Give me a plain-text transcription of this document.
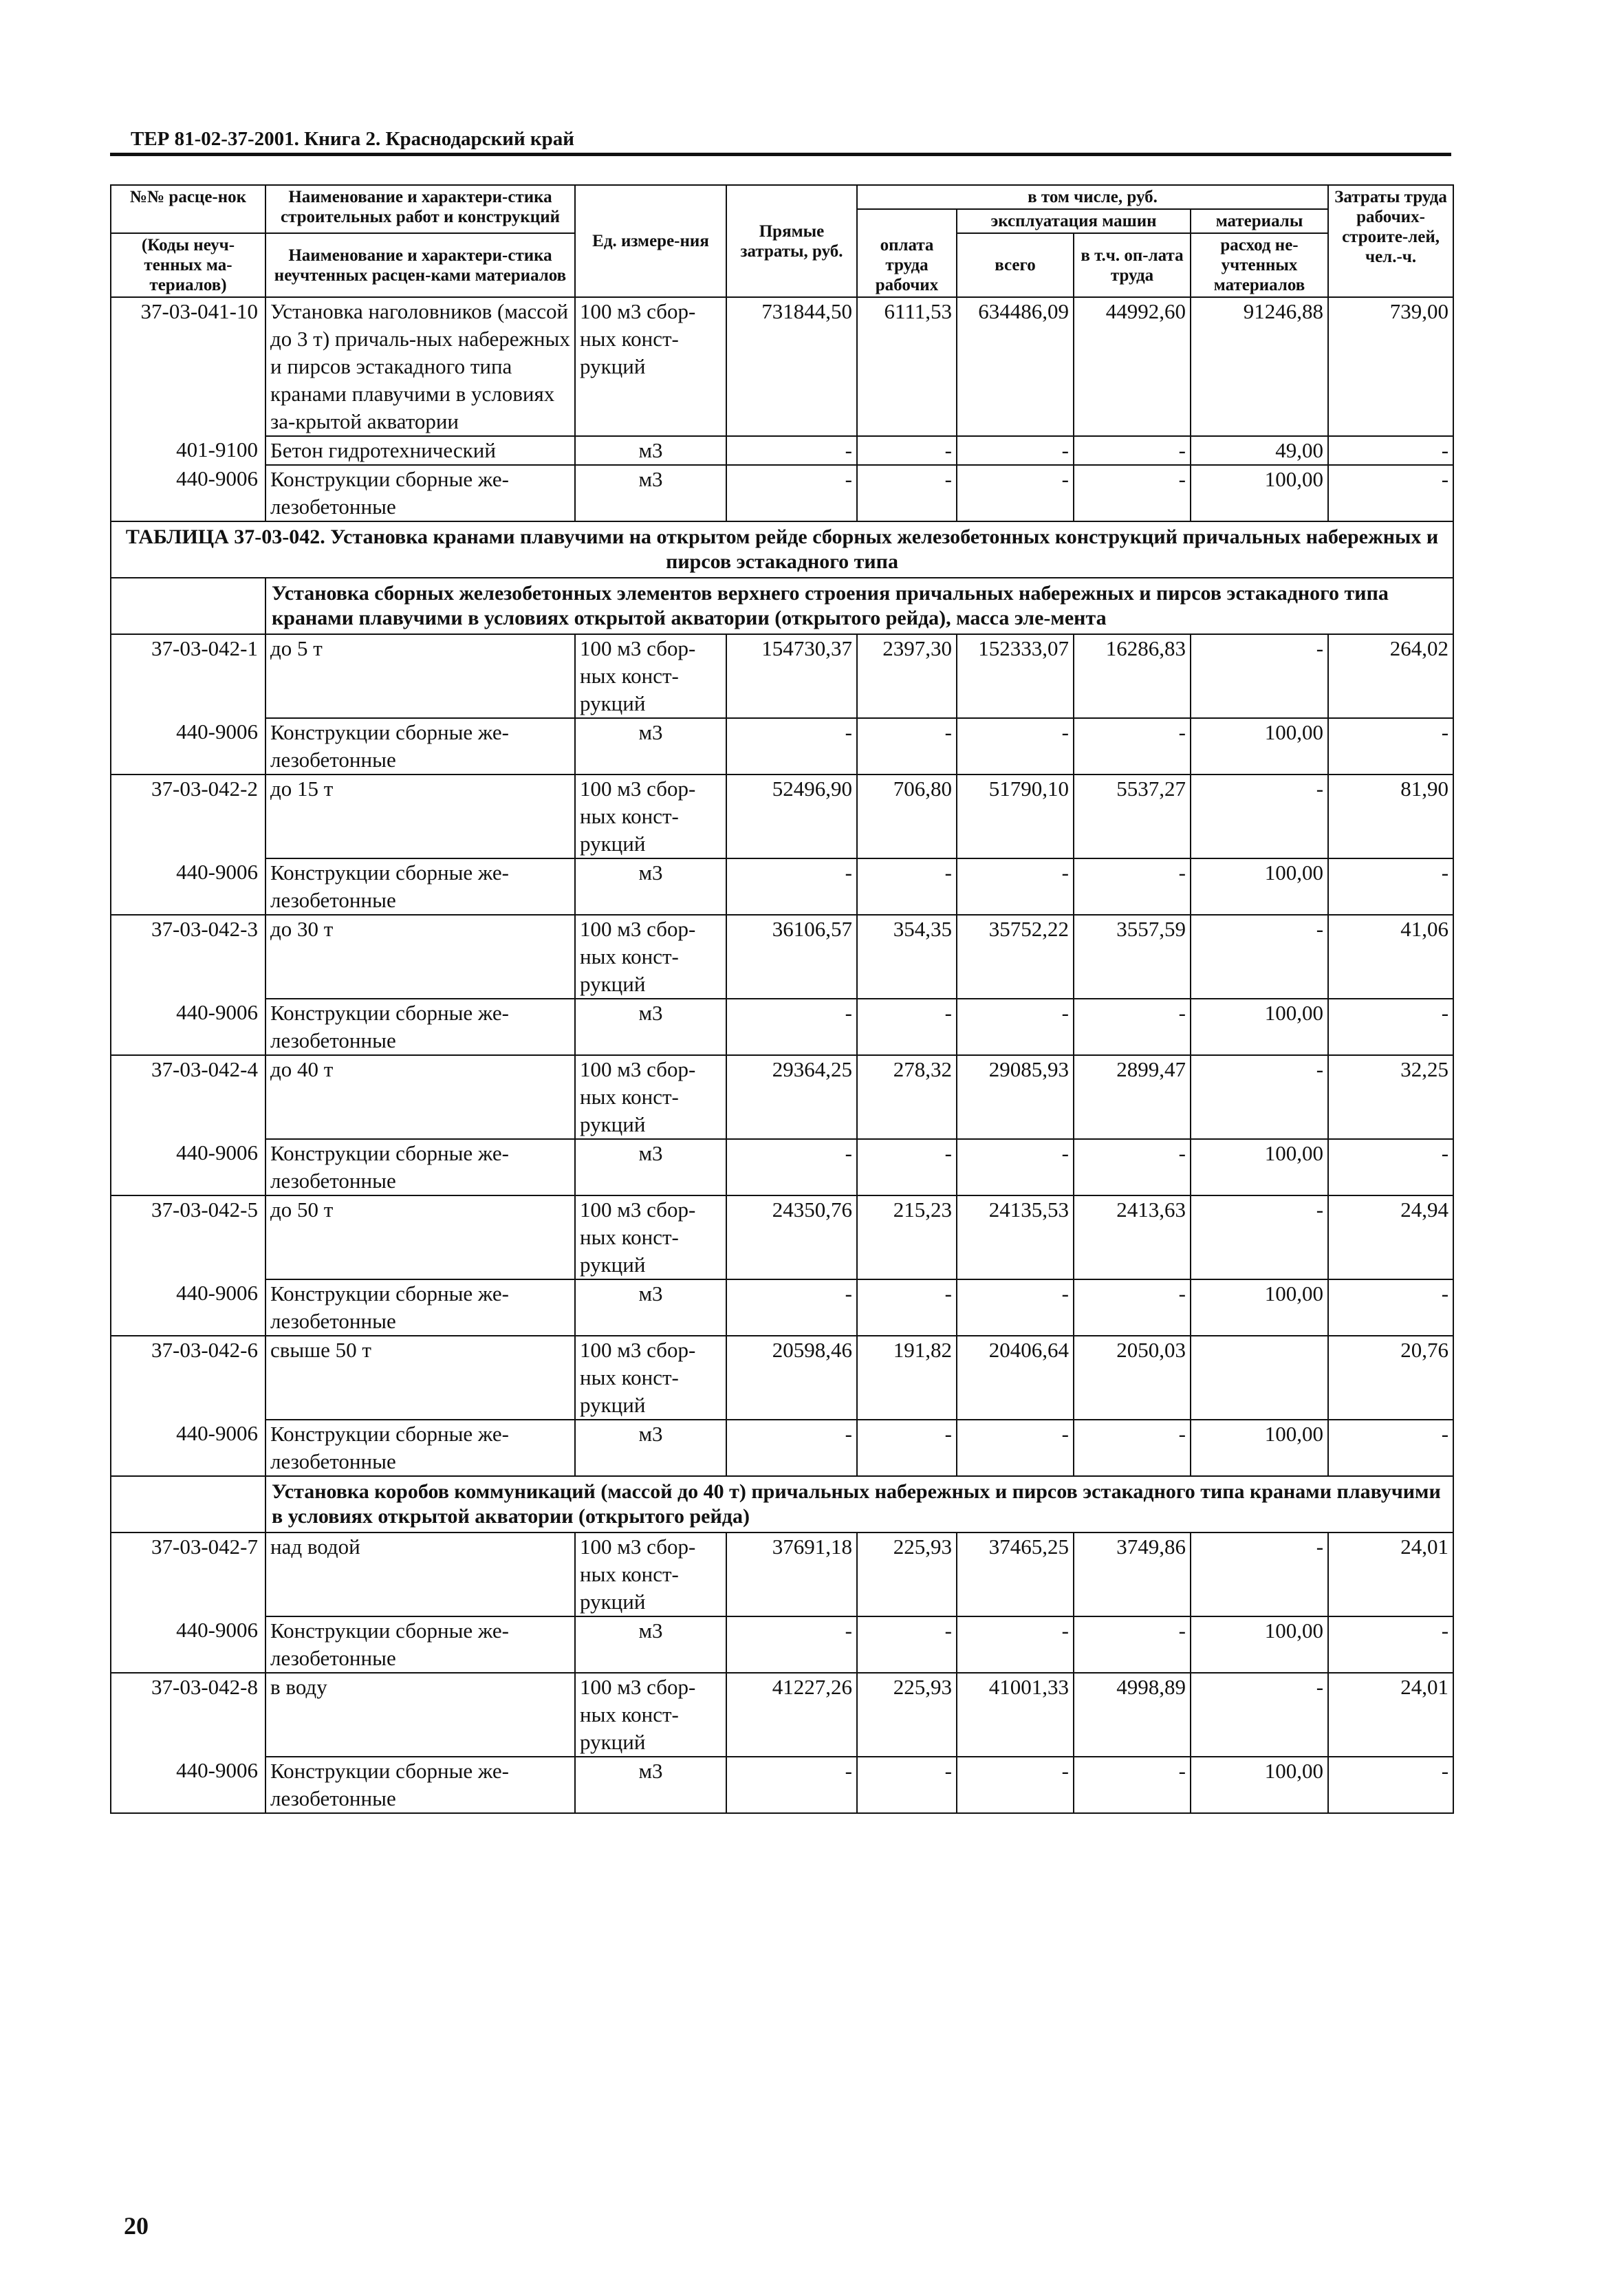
ТЕР 81-02-37-2001. Книга 2. Краснодарский край
№№ расце-нок	Наименование и характери-стика строительных работ и конструкций	Ед. измере-ния	Прямые затраты, руб.	в том числе, руб.				Затраты труда рабочих-строите-лей, чел.-ч.
				оплата труда рабочих	эксплуатация машин		материалы	
(Коды неуч-тенных ма-териалов)	Наименование и характери-стика неучтенных расцен-ками материалов				всего	в т.ч. оп-лата труда	расход не-учтенных материалов	

37-03-041-10	Установка наголовников (массой до 3 т) причаль-ных набережных и пирсов эстакадного типа кранами плавучими в условиях за-крытой акватории	100 м3 сбор-ных конст-рукций	731844,50	6111,53	634486,09	44992,60	91246,88	739,00
401-9100	Бетон гидротехнический	м3	-	-	-	-	49,00	-
440-9006	Конструкции сборные же-лезобетонные	м3	-	-	-	-	100,00	-
ТАБЛИЦА 37-03-042. Установка кранами плавучими на открытом рейде сборных железобетонных конструкций причальных набережных и пирсов эстакадного типа								
	Установка сборных железобетонных элементов верхнего строения причальных набережных и пирсов эстакадного типа кранами плавучими в условиях открытой акватории (открытого рейда), масса эле-мента							
37-03-042-1	до 5 т	100 м3 сбор-ных конст-рукций	154730,37	2397,30	152333,07	16286,83	-	264,02
440-9006	Конструкции сборные же-лезобетонные	м3	-	-	-	-	100,00	-
37-03-042-2	до 15 т	100 м3 сбор-ных конст-рукций	52496,90	706,80	51790,10	5537,27	-	81,90
440-9006	Конструкции сборные же-лезобетонные	м3	-	-	-	-	100,00	-
37-03-042-3	до 30 т	100 м3 сбор-ных конст-рукций	36106,57	354,35	35752,22	3557,59	-	41,06
440-9006	Конструкции сборные же-лезобетонные	м3	-	-	-	-	100,00	-
37-03-042-4	до 40 т	100 м3 сбор-ных конст-рукций	29364,25	278,32	29085,93	2899,47	-	32,25
440-9006	Конструкции сборные же-лезобетонные	м3	-	-	-	-	100,00	-
37-03-042-5	до 50 т	100 м3 сбор-ных конст-рукций	24350,76	215,23	24135,53	2413,63	-	24,94
440-9006	Конструкции сборные же-лезобетонные	м3	-	-	-	-	100,00	-
37-03-042-6	свыше 50 т	100 м3 сбор-ных конст-рукций	20598,46	191,82	20406,64	2050,03		20,76
440-9006	Конструкции сборные же-лезобетонные	м3	-	-	-	-	100,00	-
	Установка коробов коммуникаций (массой до 40 т) причальных набережных и пирсов эстакадного типа кранами плавучими в условиях открытой акватории (открытого рейда)							
37-03-042-7	над водой	100 м3 сбор-ных конст-рукций	37691,18	225,93	37465,25	3749,86	-	24,01
440-9006	Конструкции сборные же-лезобетонные	м3	-	-	-	-	100,00	-
37-03-042-8	в воду	100 м3 сбор-ных конст-рукций	41227,26	225,93	41001,33	4998,89	-	24,01
440-9006	Конструкции сборные же-лезобетонные	м3	-	-	-	-	100,00	-
20
